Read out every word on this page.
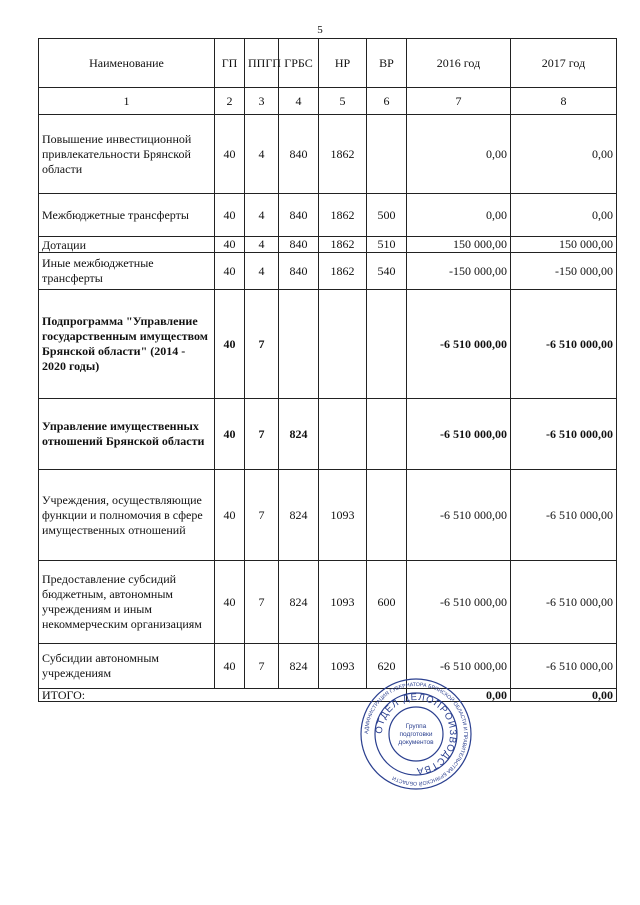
5
Наименование	ГП	ППГП	ГРБС	НР	ВР	2016 год	2017 год
1	2	3	4	5	6	7	8
Повышение инвестиционной привлекательности Брянской области	40	4	840	1862		0,00	0,00
Межбюджетные трансферты	40	4	840	1862	500	0,00	0,00
Дотации	40	4	840	1862	510	150 000,00	150 000,00
Иные межбюджетные трансферты	40	4	840	1862	540	-150 000,00	-150 000,00
Подпрограмма "Управление государственным имуществом Брянской области" (2014 - 2020 годы)	40	7				-6 510 000,00	-6 510 000,00
Управление имущественных отношений Брянской области	40	7	824			-6 510 000,00	-6 510 000,00
Учреждения, осуществляющие функции и полномочия в сфере имущественных отношений	40	7	824	1093		-6 510 000,00	-6 510 000,00
Предоставление субсидий бюджетным, автономным учреждениям и иным некоммерческим организациям	40	7	824	1093	600	-6 510 000,00	-6 510 000,00
Субсидии автономным учреждениям	40	7	824	1093	620	-6 510 000,00	-6 510 000,00
ИТОГО:						0,00	0,00
АДМИНИСТРАЦИЯ ГУБЕРНАТОРА БРЯНСКОЙ ОБЛАСТИ И ПРАВИТЕЛЬСТВА БРЯНСКОЙ ОБЛАСТИ
ОТДЕЛ ДЕЛОПРОИЗВОДСТВА
Группа
подготовки
документов
